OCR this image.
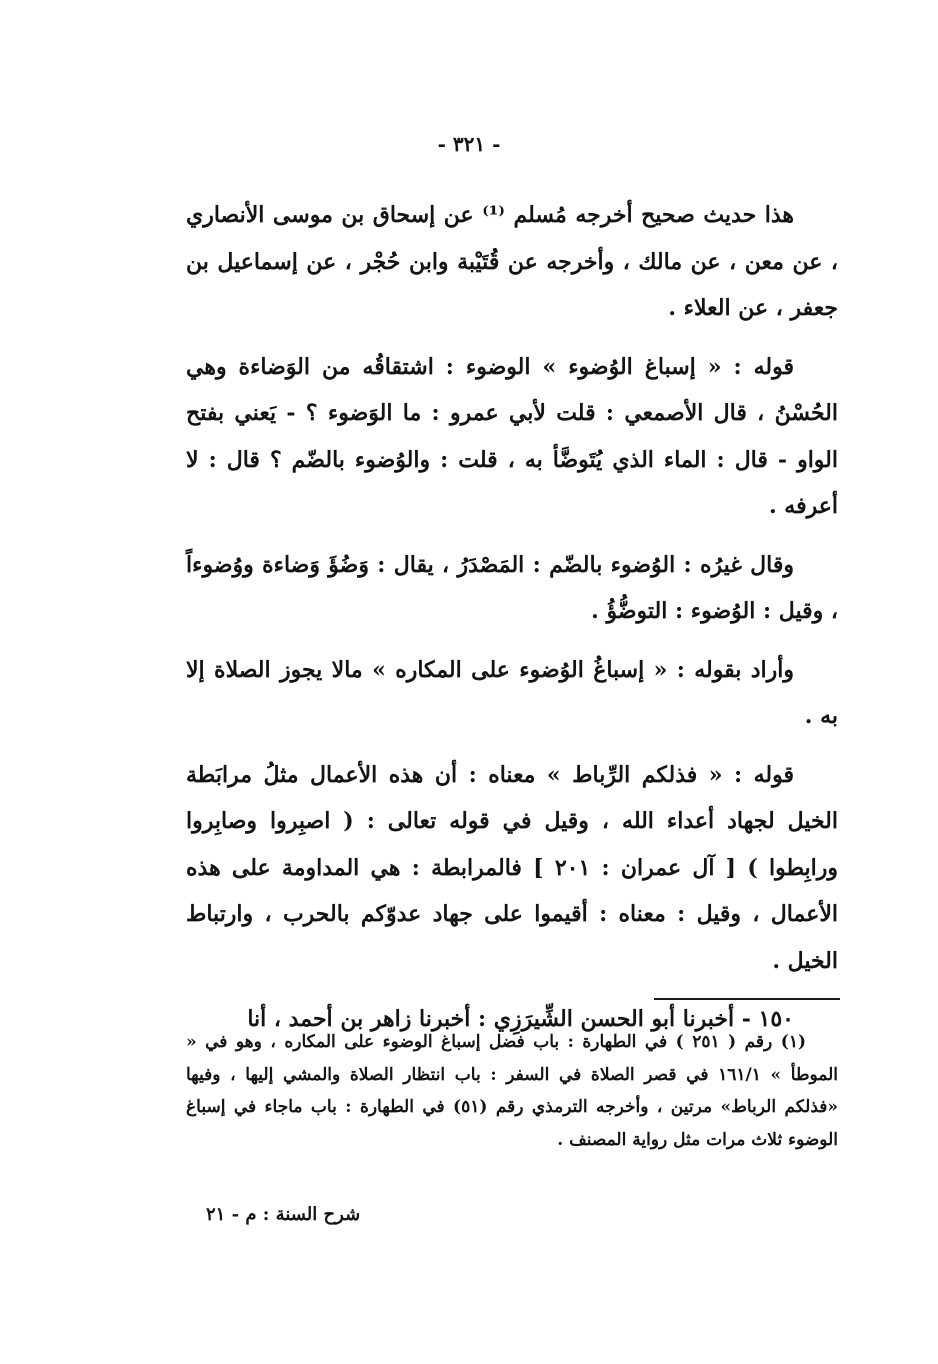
- ٣٢١ -

هذا حديث صحيح أخرجه مُسلم ⁽¹⁾ عن إسحاق بن موسى الأنصاري ، عن معن ، عن مالك ، وأخرجه عن قُتَيْبة وابن حُجْر ، عن إسماعيل بن جعفر ، عن العلاء .

قوله : « إسباغ الوُضوء » الوضوء : اشتقاقُه من الوَضاءة وهي الحُسْنُ ، قال الأصمعي : قلت لأبي عمرو : ما الوَضوء ؟ - يَعني بفتح الواو - قال : الماء الذي يُتَوضَّأ به ، قلت : والوُضوء بالضّم ؟ قال : لا أعرفه .

وقال غيرُه : الوُضوء بالضّم : المَصْدَرُ ، يقال : وَضُؤَ وَضاءة ووُضوءاً ، وقيل : الوُضوء : التوضُّؤُ .

وأراد بقوله : « إسباغُ الوُضوء على المكاره » مالا يجوز الصلاة إلا به .

قوله : « فذلكم الرِّباط » معناه : أن هذه الأعمال مثلُ مرابَطة الخيل لجهاد أعداء الله ، وقيل في قوله تعالى : ( اصبِروا وصابِروا ورابِطوا ) [ آل عمران : ٢٠١ ] فالمرابطة : هي المداومة على هذه الأعمال ، وقيل : معناه : أقيموا على جهاد عدوّكم بالحرب ، وارتباط الخيل .

١٥٠ - أخبرنا أبو الحسن الشِّيرَزِي : أخبرنا زاهر بن أحمد ، أنا

(١) رقم ( ٢٥١ ) في الطهارة : باب فضل إسباغ الوضوء على المكاره ، وهو في « الموطأ » ١٦١/١ في قصر الصلاة في السفر : باب انتظار الصلاة والمشي إليها ، وفيها «فذلكم الرباط» مرتين ، وأخرجه الترمذي رقم (٥١) في الطهارة : باب ماجاء في إسباغ الوضوء ثلاث مرات مثل رواية المصنف .

شرح السنة : م - ٢١
